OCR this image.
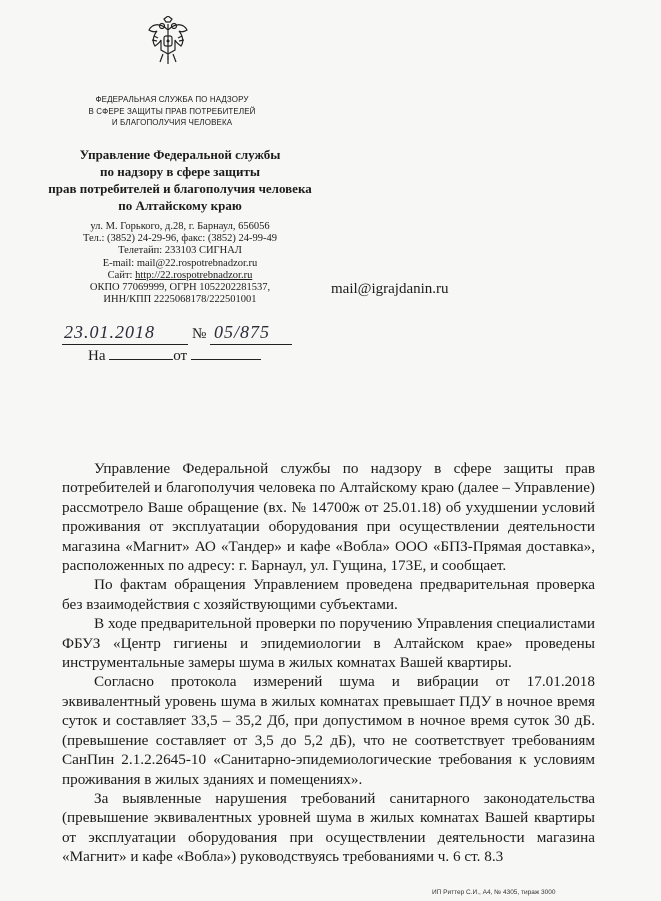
ФЕДЕРАЛЬНАЯ СЛУЖБА ПО НАДЗОРУ
В СФЕРЕ ЗАЩИТЫ ПРАВ ПОТРЕБИТЕЛЕЙ
И БЛАГОПОЛУЧИЯ ЧЕЛОВЕКА
Управление Федеральной службы
по надзору в сфере защиты
прав потребителей и благополучия человека
по Алтайскому краю
ул. М. Горького, д.28, г. Барнаул, 656056
Тел.: (3852) 24-29-96, факс: (3852) 24-99-49
Телетайп: 233103 СИГНАЛ
E-mail: mail@22.rospotrebnadzor.ru
Сайт: http://22.rospotrebnadzor.ru
ОКПО 77069999, ОГРН 1052202281537,
ИНН/КПП 2225068178/222501001
mail@igrajdanin.ru
23.01.2018 № 05/875
На	от

Управление Федеральной службы по надзору в сфере защиты прав потребителей и благополучия человека по Алтайскому краю (далее – Управление) рассмотрело Ваше обращение (вх. № 14700ж от 25.01.18) об ухудшении условий проживания от эксплуатации оборудования при осуществлении деятельности магазина «Магнит» АО «Тандер» и кафе «Вобла» ООО «БПЗ-Прямая доставка», расположенных по адресу: г. Барнаул, ул. Гущина, 173Е, и сообщает.

По фактам обращения Управлением проведена предварительная проверка без взаимодействия с хозяйствующими субъектами.

В ходе предварительной проверки по поручению Управления специалистами ФБУЗ «Центр гигиены и эпидемиологии в Алтайском крае» проведены инструментальные замеры шума в жилых комнатах Вашей квартиры.

Согласно протокола измерений шума и вибрации от 17.01.2018 эквивалентный уровень шума в жилых комнатах превышает ПДУ в ночное время суток и составляет 33,5 – 35,2 Дб, при допустимом в ночное время суток 30 дБ. (превышение составляет от 3,5 до 5,2 дБ), что не соответствует требованиям СанПин 2.1.2.2645-10 «Санитарно-эпидемиологические требования к условиям проживания в жилых зданиях и помещениях».

За выявленные нарушения требований санитарного законодательства (превышение эквивалентных уровней шума в жилых комнатах Вашей квартиры от эксплуатации оборудования при осуществлении деятельности магазина «Магнит» и кафе «Вобла») руководствуясь требованиями ч. 6 ст. 8.3

ИП Риттер С.И., А4, № 4305, тираж 3000
